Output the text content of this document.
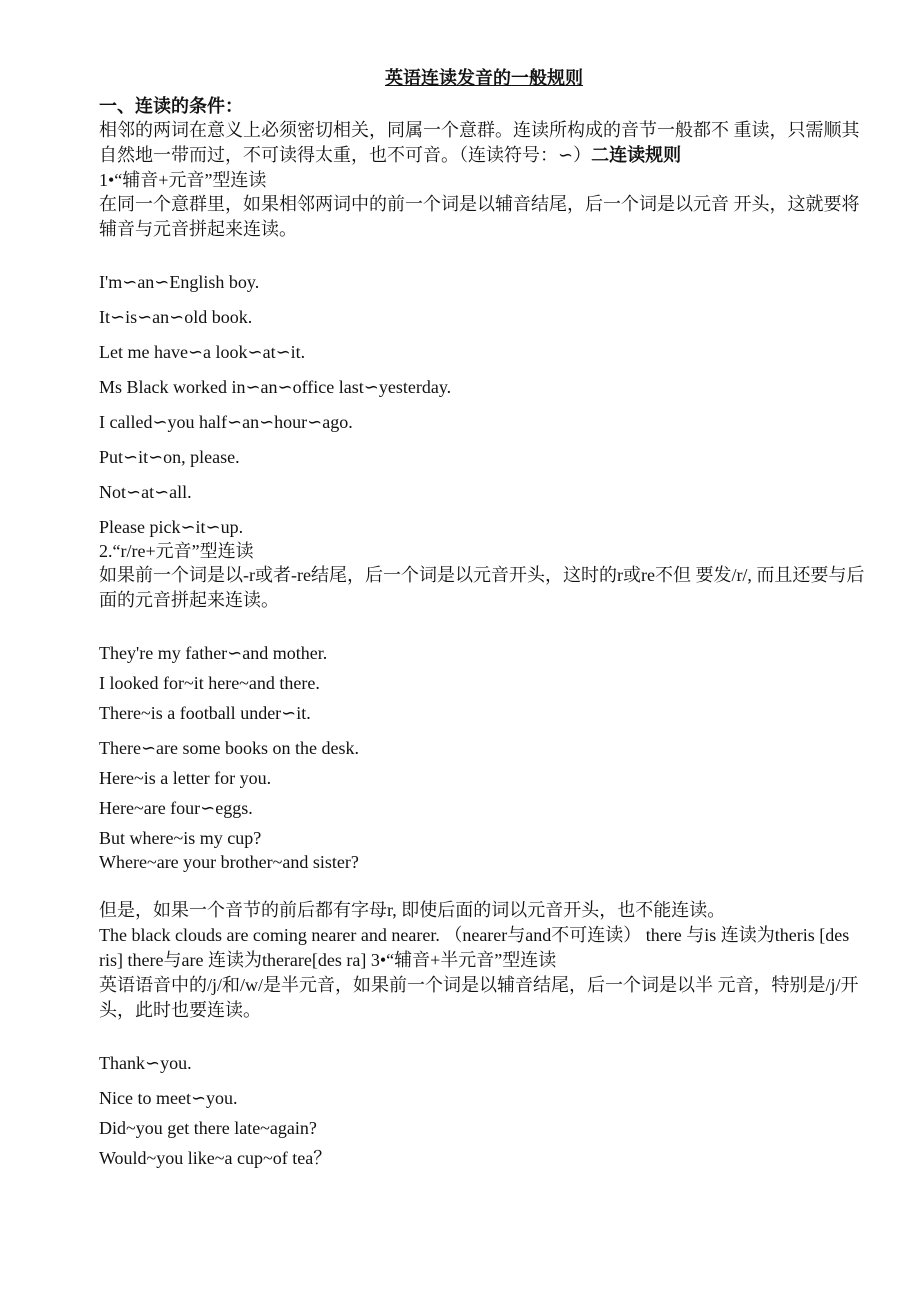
英语连读发音的一般规则

一、连读的条件：

相邻的两词在意义上必须密切相关，同属一个意群。连读所构成的音节一般都不 重读，只需顺其自然地一带而过，不可读得太重，也不可音。（连读符号：∽）二连读规则

1•“辅音+元音”型连读

在同一个意群里，如果相邻两词中的前一个词是以辅音结尾，后一个词是以元音 开头，这就要将辅音与元音拼起来连读。

I'm∽an∽English boy.

It∽is∽an∽old book.

Let me have∽a look∽at∽it.

Ms Black worked in∽an∽office last∽yesterday.

I called∽you half∽an∽hour∽ago.

Put∽it∽on, please.

Not∽at∽all.

Please pick∽it∽up.

2.“r/re+元音”型连读

如果前一个词是以-r或者-re结尾，后一个词是以元音开头，这时的r或re不但 要发/r/, 而且还要与后面的元音拼起来连读。

They're my father∽and mother.

I looked for~it here~and there.

There~is a football under∽it.

There∽are some books on the desk.

Here~is a letter for you.

Here~are four∽eggs.

But where~is my cup?

Where~are your brother~and sister?

但是，如果一个音节的前后都有字母r, 即使后面的词以元音开头，也不能连读。

The black clouds are coming nearer and nearer. （nearer与and不可连读） there 与is 连读为theris [des ris] there与are 连读为therare[des ra] 3•“辅音+半元音”型连读

英语语音中的/j/和/w/是半元音，如果前一个词是以辅音结尾，后一个词是以半 元音，特别是/j/开头，此时也要连读。

Thank∽you.

Nice to meet∽you.

Did~you get there late~again?

Would~you like~a cup~of tea？
